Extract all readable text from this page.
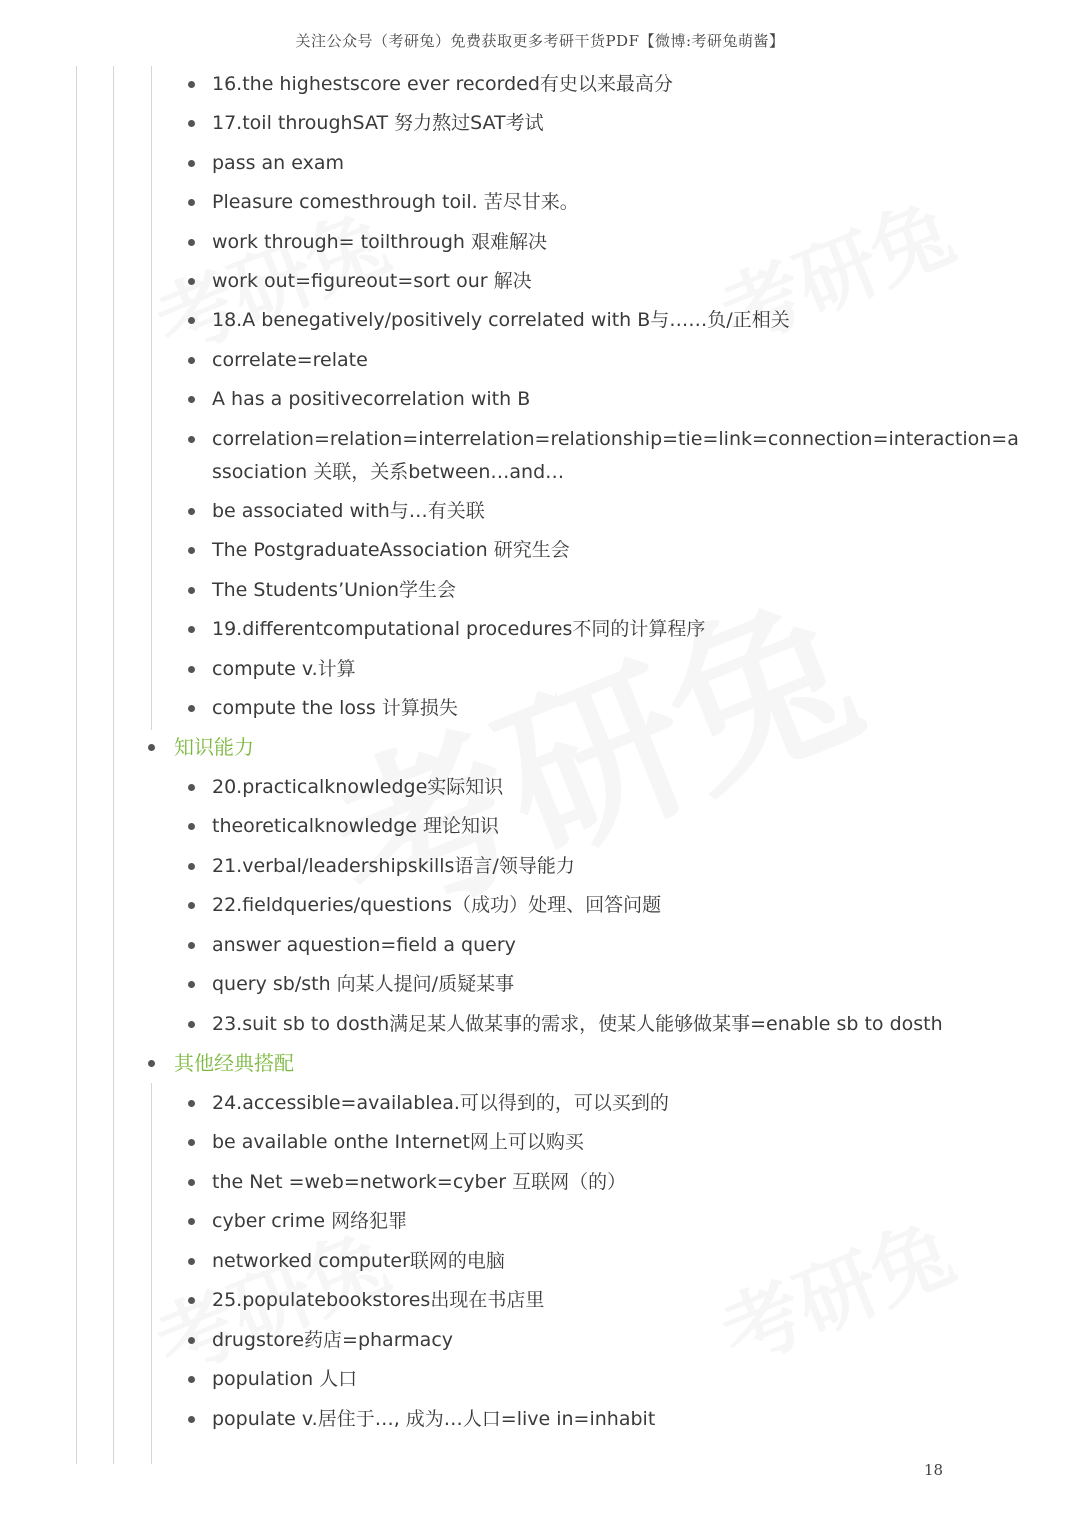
关注公众号（考研兔）免费获取更多考研干货PDF【微博:考研兔萌酱】
16.the highestscore ever recorded有史以来最高分
17.toil throughSAT 努力熬过SAT考试
pass an exam
Pleasure comesthrough toil. 苦尽甘来。
work through= toilthrough 艰难解决
work out=figureout=sort our 解决
18.A benegatively/positively correlated with B与……负/正相关
correlate=relate
A has a positivecorrelation with B
correlation=relation=interrelation=relationship=tie=link=connection=interaction=association 关联，关系between…and…
be associated with与…有关联
The PostgraduateAssociation 研究生会
The Students’Union学生会
19.differentcomputational procedures不同的计算程序
compute v.计算
compute the loss 计算损失
知识能力
20.practicalknowledge实际知识
theoreticalknowledge 理论知识
21.verbal/leadershipskills语言/领导能力
22.fieldqueries/questions（成功）处理、回答问题
answer aquestion=field a query
query sb/sth 向某人提问/质疑某事
23.suit sb to dosth满足某人做某事的需求，使某人能够做某事=enable sb to dosth
其他经典搭配
24.accessible=availablea.可以得到的，可以买到的
be available onthe Internet网上可以购买
the Net =web=network=cyber 互联网（的）
cyber crime 网络犯罪
networked computer联网的电脑
25.populatebookstores出现在书店里
drugstore药店=pharmacy
population 人口
populate v.居住于…, 成为…人口=live in=inhabit
18
